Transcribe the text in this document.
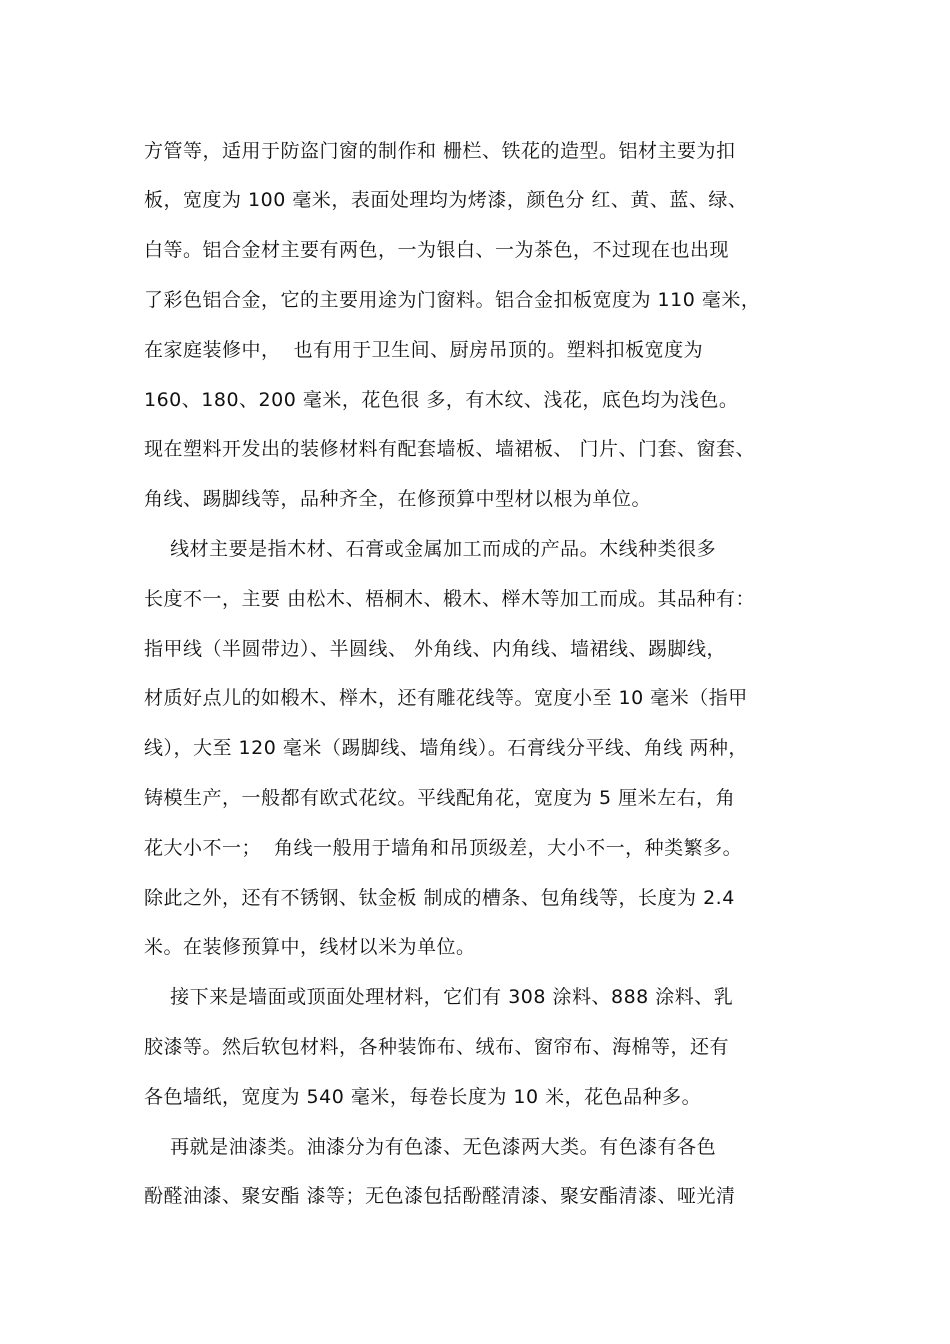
方管等，适用于防盗门窗的制作和 栅栏、铁花的造型。铝材主要为扣
板，宽度为 100 毫米，表面处理均为烤漆，颜色分 红、黄、蓝、绿、
白等。铝合金材主要有两色，一为银白、一为茶色，不过现在也出现
了彩色铝合金，它的主要用途为门窗料。铝合金扣板宽度为 110 毫米，
在家庭装修中，  也有用于卫生间、厨房吊顶的。塑料扣板宽度为
160、180、200 毫米，花色很 多，有木纹、浅花，底色均为浅色。
现在塑料开发出的装修材料有配套墙板、墙裙板、 门片、门套、窗套、
角线、踢脚线等，品种齐全，在修预算中型材以根为单位。
线材主要是指木材、石膏或金属加工而成的产品。木线种类很多
长度不一，主要 由松木、梧桐木、椴木、榉木等加工而成。其品种有：
指甲线（半圆带边）、半圆线、 外角线、内角线、墙裙线、踢脚线，
材质好点儿的如椴木、榉木，还有雕花线等。宽度小至 10 毫米（指甲
线），大至 120 毫米（踢脚线、墙角线）。石膏线分平线、角线 两种，
铸模生产，一般都有欧式花纹。平线配角花，宽度为 5 厘米左右，角
花大小不一；  角线一般用于墙角和吊顶级差，大小不一，种类繁多。
除此之外，还有不锈钢、钛金板 制成的槽条、包角线等，长度为 2.4
米。在装修预算中，线材以米为单位。
接下来是墙面或顶面处理材料，它们有 308 涂料、888 涂料、乳
胶漆等。然后软包材料，各种装饰布、绒布、窗帘布、海棉等，还有
各色墙纸，宽度为 540 毫米，每卷长度为 10 米，花色品种多。
再就是油漆类。油漆分为有色漆、无色漆两大类。有色漆有各色
酚醛油漆、聚安酯 漆等；无色漆包括酚醛清漆、聚安酯清漆、哑光清
